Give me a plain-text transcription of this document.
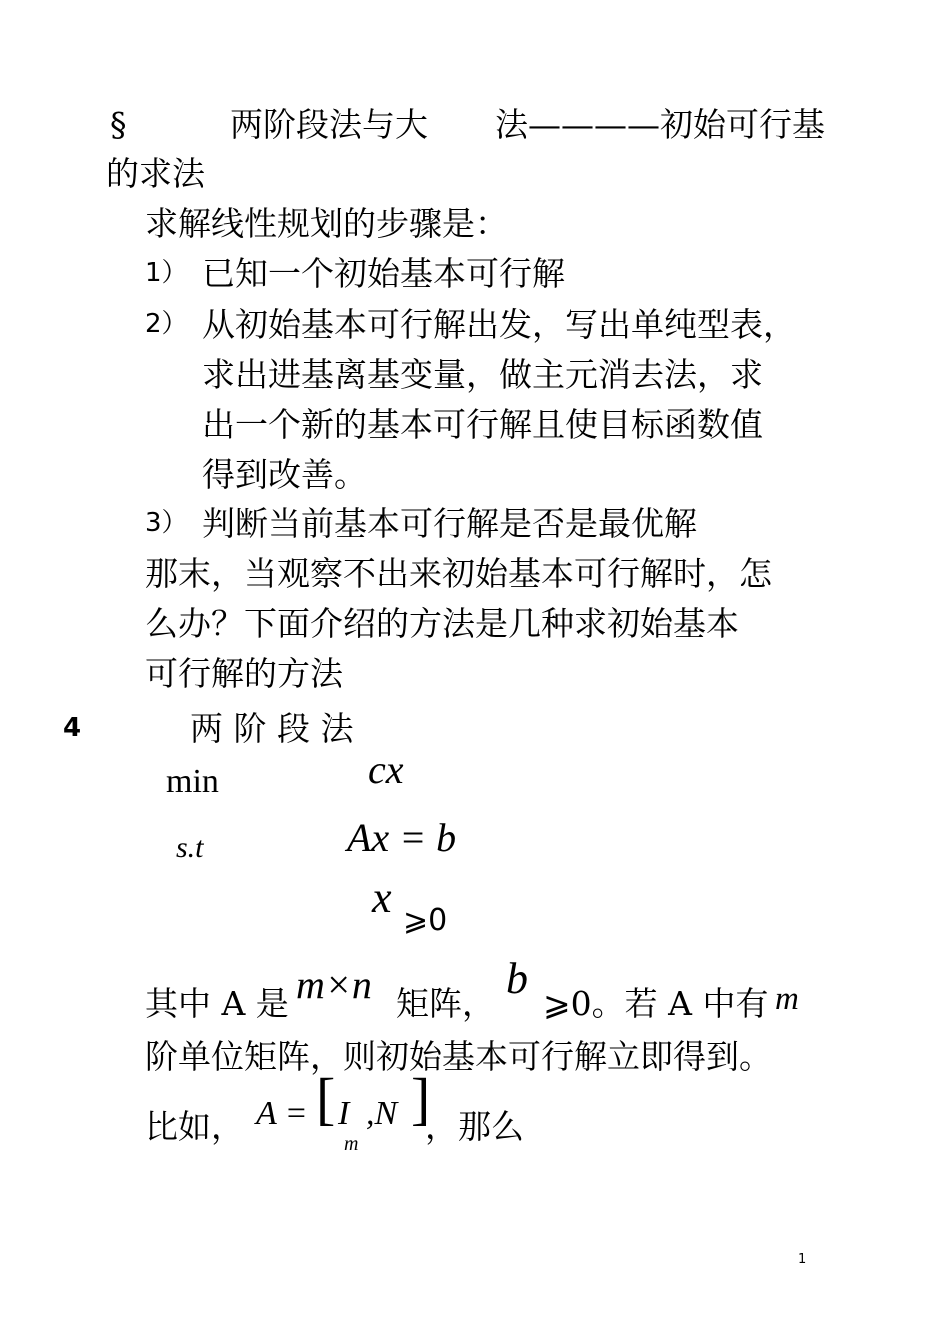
§	两阶段法与大 法————初始可行基
的求法
求解线性规划的步骤是：
1） 已知一个初始基本可行解
2） 从初始基本可行解出发，写出单纯型表，
求出进基离基变量，做主元消去法，求
出一个新的基本可行解且使目标函数值
得到改善。
3） 判断当前基本可行解是否是最优解
那末，当观察不出来初始基本可行解时，怎
么办？下面介绍的方法是几种求初始基本
可行解的方法
4	两 阶 段 法
min	cx
s.t	Ax = b
x ⩾0
其中 A 是 m×n 矩阵，
b
⩾0。若 A 中有 m
阶单位矩阵，则初始基本可行解立即得到。
比如， A = [ I
m
,N ]
，那么
1
